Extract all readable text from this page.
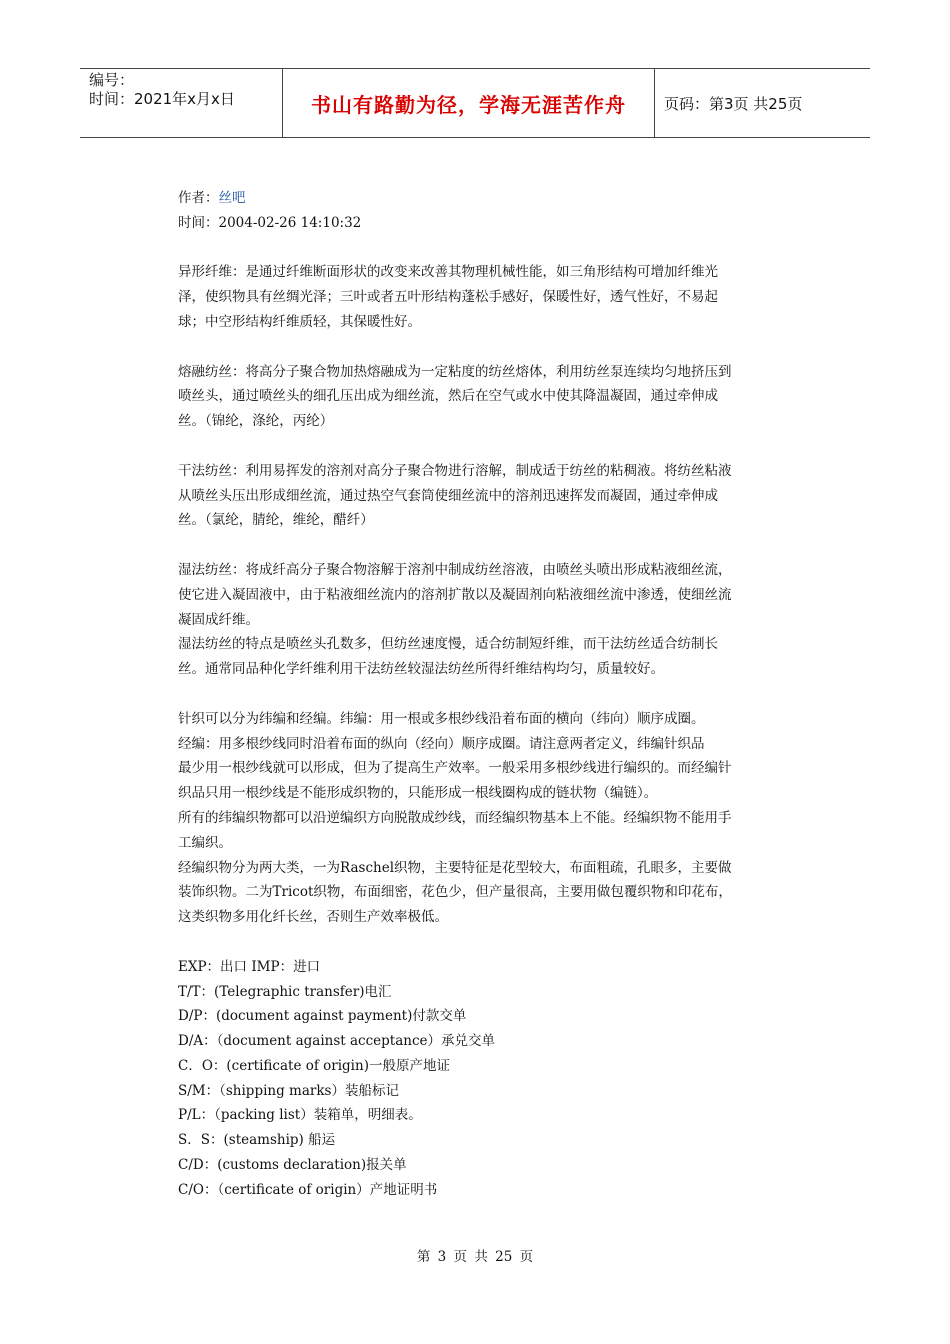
编号：
时间：2021年x月x日	书山有路勤为径，学海无涯苦作舟	页码：第3页 共25页

作者：丝吧

时间：2004-02-26 14:10:32

异形纤维：是通过纤维断面形状的改变来改善其物理机械性能，如三角形结构可增加纤维光

泽，使织物具有丝绸光泽；三叶或者五叶形结构蓬松手感好，保暖性好，透气性好，不易起

球；中空形结构纤维质轻，其保暖性好。

熔融纺丝：将高分子聚合物加热熔融成为一定粘度的纺丝熔体，利用纺丝泵连续均匀地挤压到

喷丝头，通过喷丝头的细孔压出成为细丝流，然后在空气或水中使其降温凝固，通过牵伸成

丝。（锦纶，涤纶，丙纶）

干法纺丝：利用易挥发的溶剂对高分子聚合物进行溶解，制成适于纺丝的粘稠液。将纺丝粘液

从喷丝头压出形成细丝流，通过热空气套筒使细丝流中的溶剂迅速挥发而凝固，通过牵伸成

丝。（氯纶，腈纶，维纶，醋纤）

湿法纺丝：将成纤高分子聚合物溶解于溶剂中制成纺丝溶液，由喷丝头喷出形成粘液细丝流，

使它进入凝固液中，由于粘液细丝流内的溶剂扩散以及凝固剂向粘液细丝流中渗透，使细丝流

凝固成纤维。

湿法纺丝的特点是喷丝头孔数多，但纺丝速度慢，适合纺制短纤维，而干法纺丝适合纺制长

丝。通常同品种化学纤维利用干法纺丝较湿法纺丝所得纤维结构均匀，质量较好。

针织可以分为纬编和经编。纬编：用一根或多根纱线沿着布面的横向（纬向）顺序成圈。

经编：用多根纱线同时沿着布面的纵向（经向）顺序成圈。请注意两者定义，纬编针织品

最少用一根纱线就可以形成，但为了提高生产效率。一般采用多根纱线进行编织的。而经编针

织品只用一根纱线是不能形成织物的，只能形成一根线圈构成的链状物（编链）。

所有的纬编织物都可以沿逆编织方向脱散成纱线，而经编织物基本上不能。经编织物不能用手

工编织。

经编织物分为两大类，一为Raschel织物，主要特征是花型较大，布面粗疏，孔眼多，主要做

装饰织物。二为Tricot织物，布面细密，花色少，但产量很高，主要用做包覆织物和印花布，

这类织物多用化纤长丝，否则生产效率极低。

EXP：出口 IMP：进口

T/T：(Telegraphic transfer)电汇

D/P：(document against payment)付款交单

D/A：（document against acceptance）承兑交单

C．O：(certificate of origin)一般原产地证

S/M：（shipping marks）装船标记

P/L：（packing list）装箱单，明细表。

S．S：(steamship) 船运

C/D：(customs declaration)报关单

C/O：（certificate of origin）产地证明书

第 3 页 共 25 页
